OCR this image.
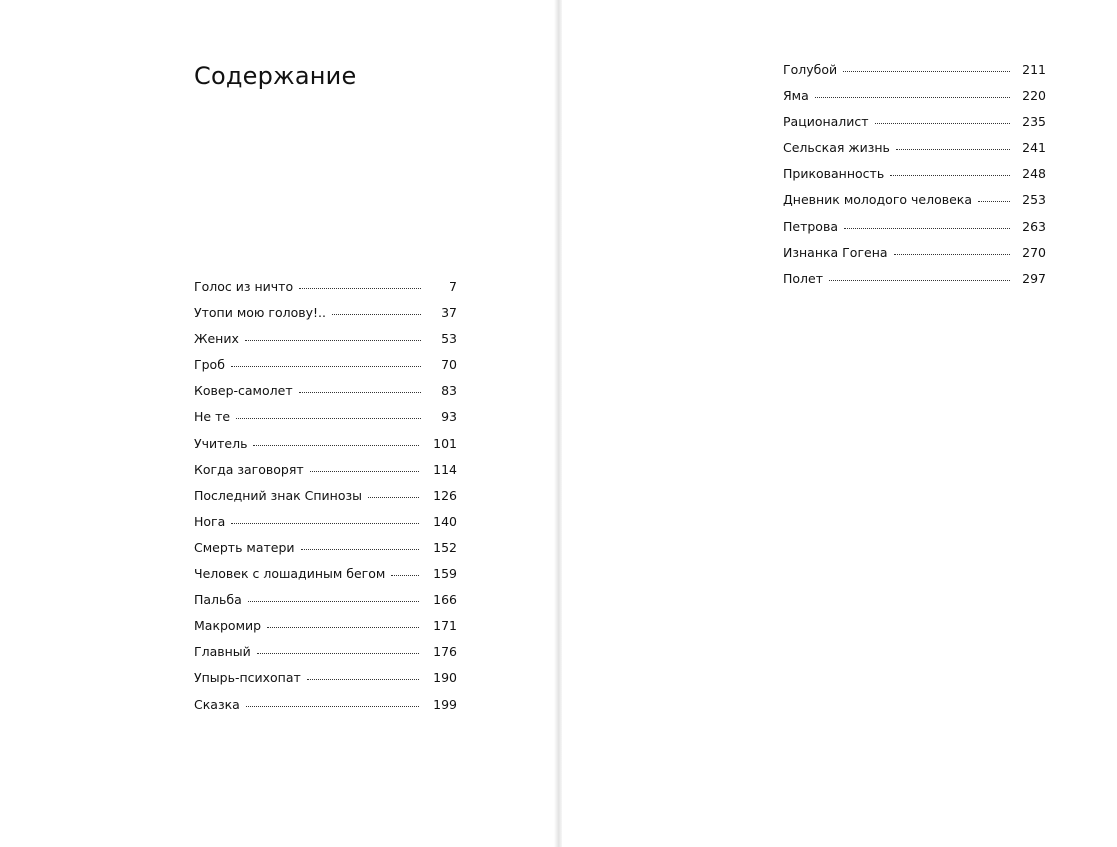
Содержание
Голос из ничто	7
Утопи мою голову!..	37
Жених	53
Гроб	70
Ковер-самолет	83
Не те	93
Учитель	101
Когда заговорят	114
Последний знак Спинозы	126
Нога	140
Смерть матери	152
Человек с лошадиным бегом	159
Пальба	166
Макромир	171
Главный	176
Упырь-психопат	190
Сказка	199
Голубой	211
Яма	220
Рационалист	235
Сельская жизнь	241
Прикованность	248
Дневник молодого человека	253
Петрова	263
Изнанка Гогена	270
Полет	297
